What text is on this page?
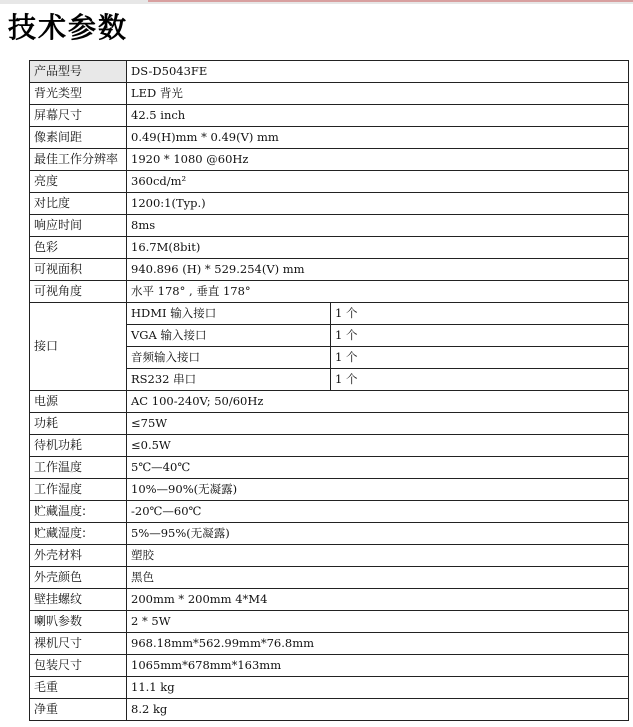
技术参数
产品型号	DS-D5043FE	
背光类型	LED 背光	
屏幕尺寸	42.5 inch	
像素间距	0.49(H)mm * 0.49(V) mm	
最佳工作分辨率	1920 * 1080 @60Hz	
亮度	360cd/m²	
对比度	1200:1(Typ.)	
响应时间	8ms	
色彩	16.7M(8bit)	
可视面积	940.896 (H) * 529.254(V) mm	
可视角度	水平 178° , 垂直 178°	
接口	HDMI 输入接口	1 个
	VGA 输入接口	1 个
	音频输入接口	1 个
	RS232 串口	1 个
电源	AC 100-240V; 50/60Hz	
功耗	≤75W	
待机功耗	≤0.5W	
工作温度	5℃—40℃	
工作湿度	10%—90%(无凝露)	
贮藏温度:	-20℃—60℃	
贮藏湿度:	5%—95%(无凝露)	
外壳材料	塑胶	
外壳颜色	黑色	
壁挂螺纹	200mm * 200mm 4*M4	
喇叭参数	2 * 5W	
裸机尺寸	968.18mm*562.99mm*76.8mm	
包装尺寸	1065mm*678mm*163mm	
毛重	11.1 kg	
净重	8.2 kg	
